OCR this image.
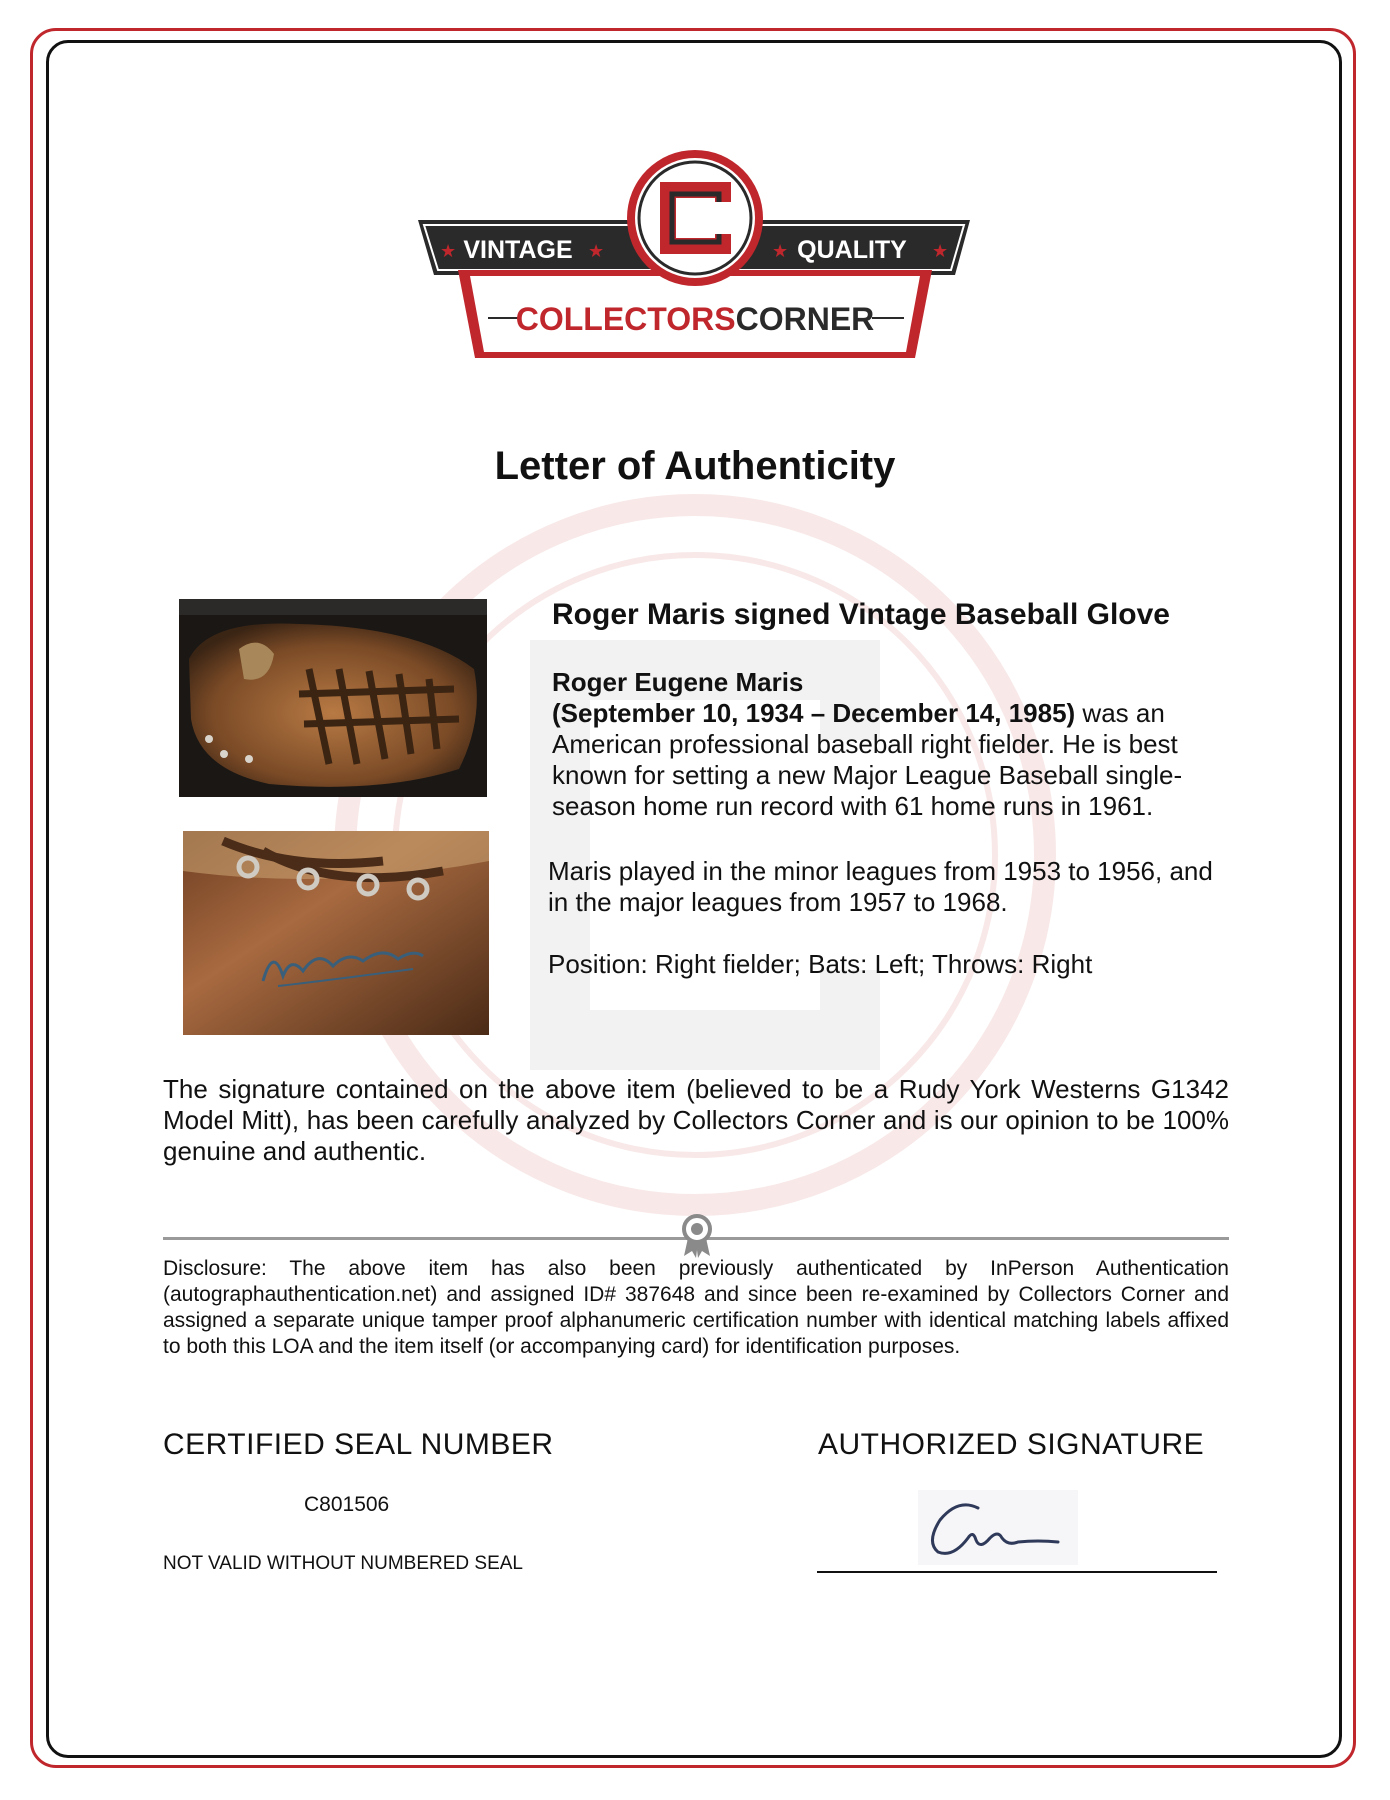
★	★	★	★
VINTAGE	QUALITY
COLLECTORSCORNER
Letter of Authenticity
Roger Maris signed Vintage Baseball Glove
Roger Eugene Maris
(September 10, 1934 – December 14, 1985) was an American professional baseball right fielder. He is best known for setting a new Major League Baseball single-season home run record with 61 home runs in 1961.
Maris played in the minor leagues from 1953 to 1956, and in the major leagues from 1957 to 1968.
Position: Right fielder; Bats: Left; Throws: Right
The signature contained on the above item (believed to be a Rudy York Westerns G1342 Model Mitt), has been carefully analyzed by Collectors Corner and is our opinion to be 100% genuine and authentic.
Disclosure: The above item has also been previously authenticated by InPerson Authentication (autographauthentication.net) and assigned ID# 387648 and since been re-examined by Collectors Corner and assigned a separate unique tamper proof alphanumeric certification number with identical matching labels affixed to both this LOA and the item itself (or accompanying card) for identification purposes.
CERTIFIED SEAL NUMBER	AUTHORIZED SIGNATURE
C801506
NOT VALID WITHOUT NUMBERED SEAL
